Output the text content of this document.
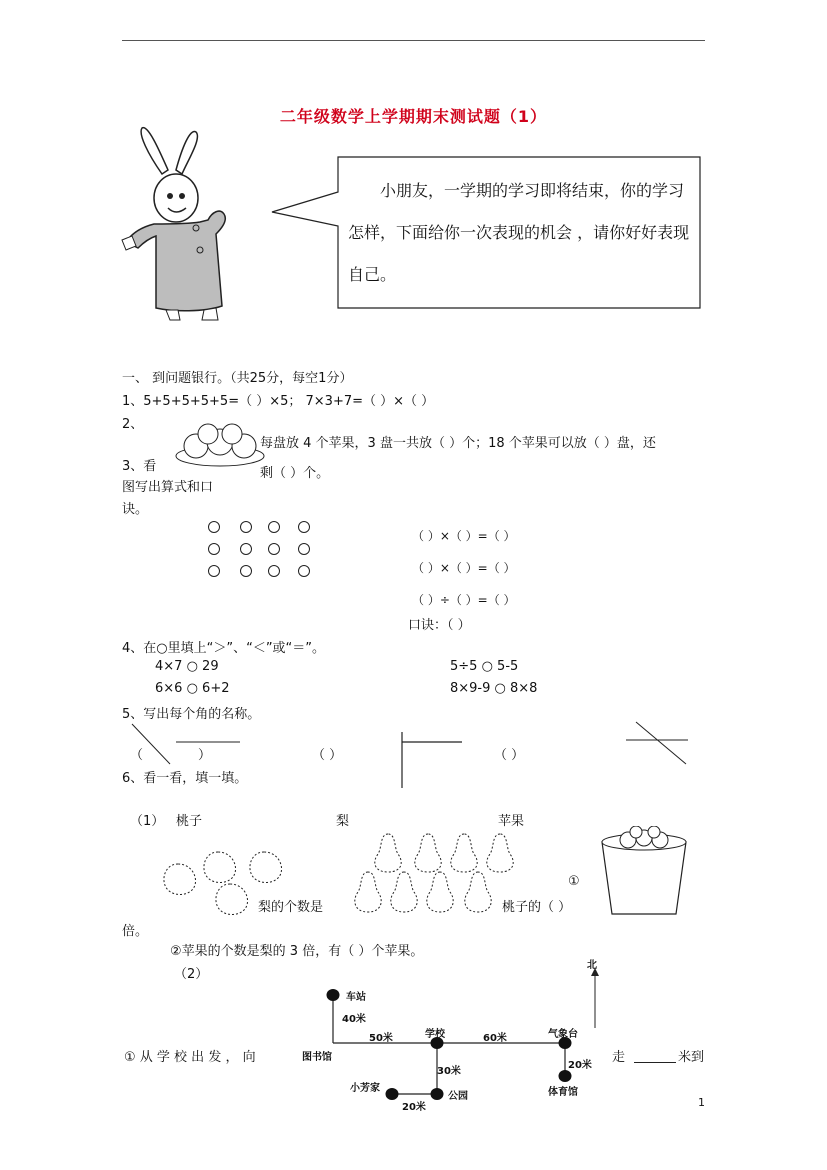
二年级数学上学期期末测试题（1）
小朋友，一学期的学习即将结束，你的学习怎样，下面给你一次表现的机会 ，请你好好表现自己。
一、 到问题银行。（共25分，每空1分）
1、5+5+5+5+5=（ ）×5； 7×3+7=（ ）×（ ）
2、
每盘放 4 个苹果，3 盘一共放（ ）个；18 个苹果可以放（ ）盘，还
剩（ ）个。
3、看
图写出算式和口
诀。
（ ）×（ ）=（ ）
（ ）×（ ）=（ ）
（ ）÷（ ）=（ ）
口诀：（ ）
4、在○里填上“＞”、“＜”或“＝”。
4×7 ○ 29	5÷5 ○ 5-5
6×6 ○ 6+2	8×9-9 ○ 8×8
5、写出每个角的名称。
（	）	（ ）	（ ）
6、看一看，填一填。
（1） 桃子	梨	苹果
①
梨的个数是	桃子的（ ）
倍。
②苹果的个数是梨的 3 倍，有（ ）个苹果。
（2）
北
车站
40米
50米	学校	60米	气象台
图书馆
30米
20米
小芳家	体育馆
公园
20米
① 从 学 校 出 发 ， 向	走	米到
1
